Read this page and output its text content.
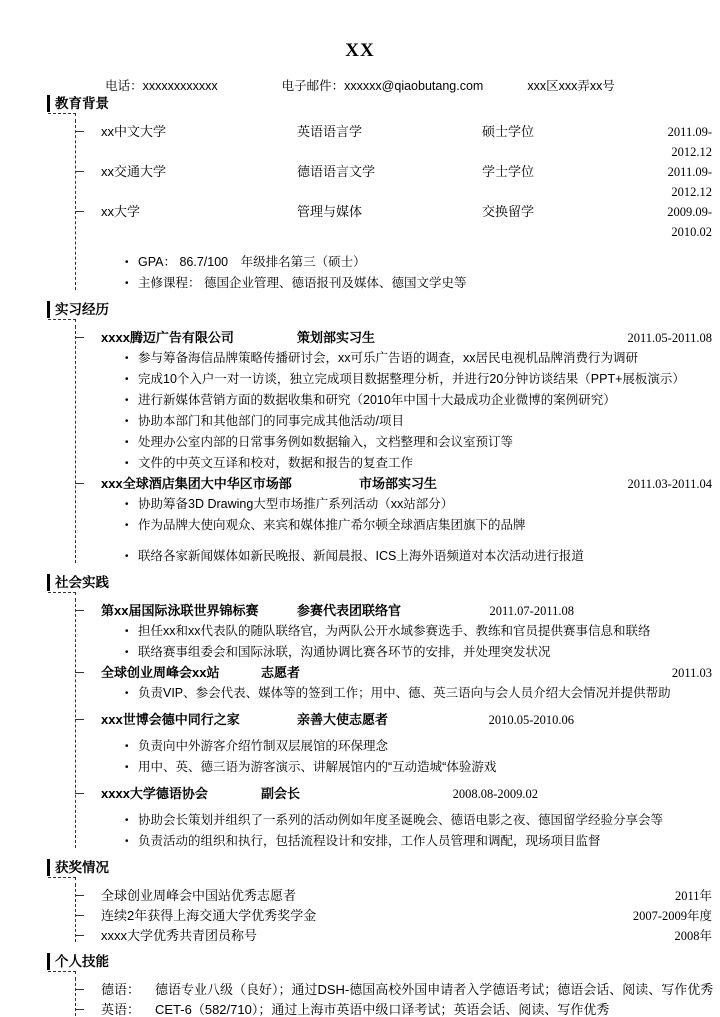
XX
电话：xxxxxxxxxxxx	电子邮件：xxxxxx@qiaobutang.com	xxx区xxx弄xx号
教育背景
xx中文大学	英语语言学	硕士学位	2011.09-2012.12
xx交通大学	德语语言文学	学士学位	2011.09-2012.12
xx大学	管理与媒体	交换留学	2009.09-2010.02
• GPA： 86.7/100　年级排名第三（硕士）
• 主修课程： 德国企业管理、德语报刊及媒体、德国文学史等
实习经历
xxxx腾迈广告有限公司	策划部实习生	2011.05-2011.08
• 参与筹备海信品牌策略传播研讨会，xx可乐广告语的调查，xx居民电视机品牌消费行为调研
• 完成10个入户一对一访谈，独立完成项目数据整理分析，并进行20分钟访谈结果（PPT+展板演示）
• 进行新媒体营销方面的数据收集和研究（2010年中国十大最成功企业微博的案例研究）
• 协助本部门和其他部门的同事完成其他活动/项目
• 处理办公室内部的日常事务例如数据输入，文档整理和会议室预订等
• 文件的中英文互译和校对，数据和报告的复查工作
xxx全球酒店集团大中华区市场部	市场部实习生	2011.03-2011.04
• 协助筹备3D Drawing大型市场推广系列活动（xx站部分）
• 作为品牌大使向观众、来宾和媒体推广希尔顿全球酒店集团旗下的品牌
• 联络各家新闻媒体如新民晚报、新闻晨报、ICS上海外语频道对本次活动进行报道
社会实践
第xx届国际泳联世界锦标赛	参赛代表团联络官	2011.07-2011.08
• 担任xx和xx代表队的随队联络官，为两队公开水域参赛选手、教练和官员提供赛事信息和联络
• 联络赛事组委会和国际泳联，沟通协调比赛各环节的安排，并处理突发状况
全球创业周峰会xx站	志愿者	2011.03
• 负责VIP、参会代表、媒体等的签到工作；用中、德、英三语向与会人员介绍大会情况并提供帮助
xxx世博会德中同行之家	亲善大使志愿者	2010.05-2010.06
• 负责向中外游客介绍竹制双层展馆的环保理念
• 用中、英、德三语为游客演示、讲解展馆内的“互动造城“体验游戏
xxxx大学德语协会	副会长	2008.08-2009.02
• 协助会长策划并组织了一系列的活动例如年度圣诞晚会、德语电影之夜、德国留学经验分享会等
• 负责活动的组织和执行，包括流程设计和安排，工作人员管理和调配，现场项目监督
获奖情况
全球创业周峰会中国站优秀志愿者	2011年
连续2年获得上海交通大学优秀奖学金	2007-2009年度
xxxx大学优秀共青团员称号	2008年
个人技能
德语：	德语专业八级（良好）；通过DSH-德国高校外国申请者入学德语考试；德语会话、阅读、写作优秀
英语：	CET-6（582/710）；通过上海市英语中级口译考试；英语会话、阅读、写作优秀
